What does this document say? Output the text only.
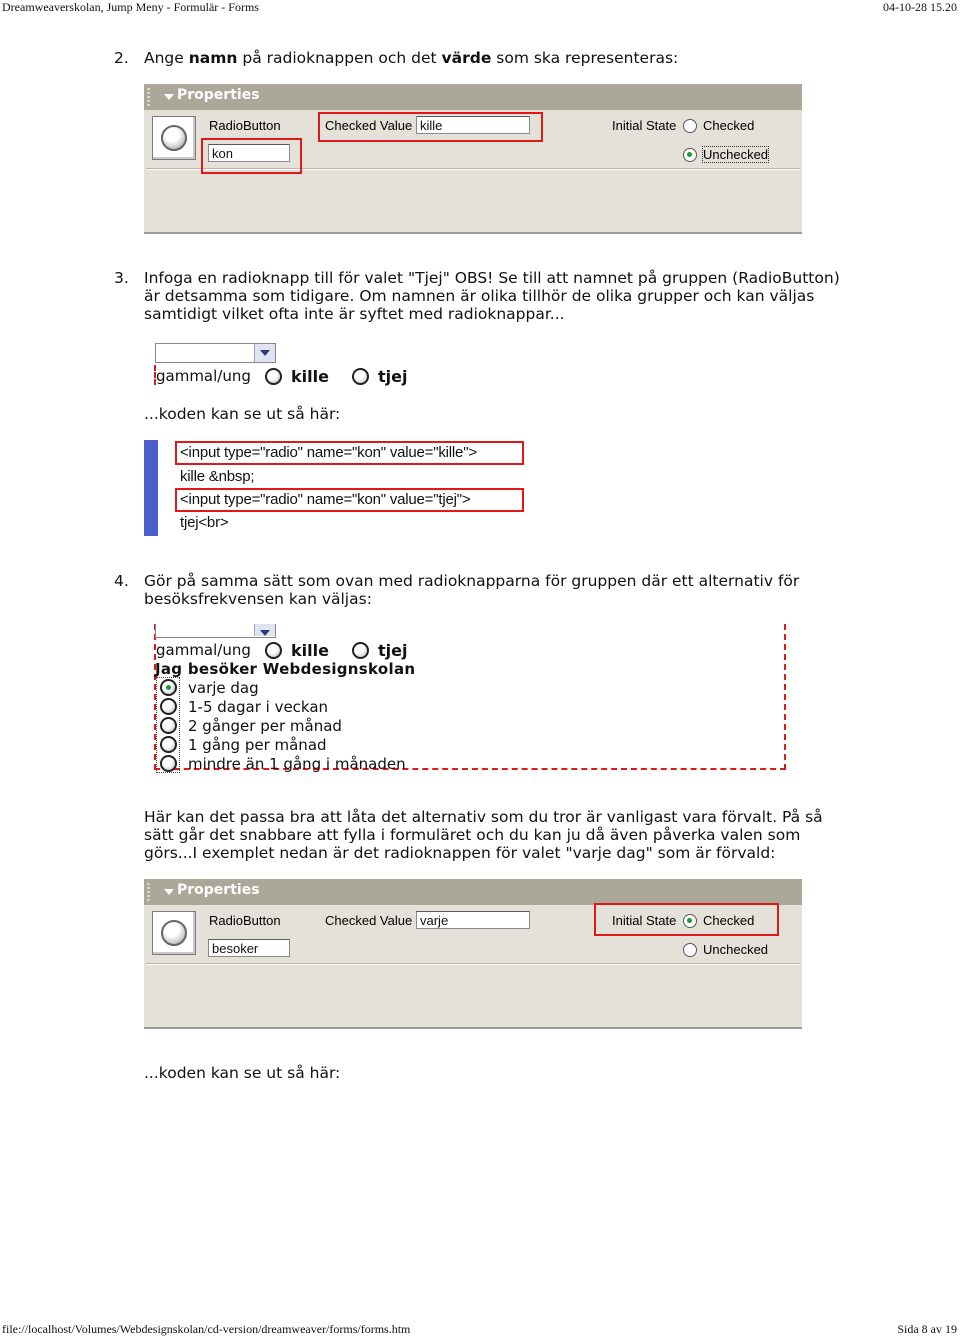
Dreamweaverskolan, Jump Meny - Formulär - Forms	04-10-28 15.20
2. Ange namn på radioknappen och det värde som ska representeras:
Properties
RadioButton
kon
Checked Value kille	Initial State Checked
Unchecked
3. Infoga en radioknapp till för valet "Tjej" OBS! Se till att namnet på gruppen (RadioButton)
är detsamma som tidigare. Om namnen är olika tillhör de olika grupper och kan väljas
samtidigt vilket ofta inte är syftet med radioknappar...
gammal/ung	kille	tjej
...koden kan se ut så här:
<input type="radio" name="kon" value="kille">
kille &nbsp;
<input type="radio" name="kon" value="tjej">
tjej<br>
4. Gör på samma sätt som ovan med radioknapparna för gruppen där ett alternativ för
besöksfrekvensen kan väljas:
gammal/ung	kille	tjej
Jag besöker Webdesignskolan
varje dag
1-5 dagar i veckan
2 gånger per månad
1 gång per månad
mindre än 1 gång i månaden
Här kan det passa bra att låta det alternativ som du tror är vanligast vara förvalt. På så
sätt går det snabbare att fylla i formuläret och du kan ju då även påverka valen som
görs...I exemplet nedan är det radioknappen för valet "varje dag" som är förvald:
Properties
RadioButton
besoker
Checked Value varje	Initial State Checked
Unchecked
...koden kan se ut så här:
file://localhost/Volumes/Webdesignskolan/cd-version/dreamweaver/forms/forms.htm	Sida 8 av 19
